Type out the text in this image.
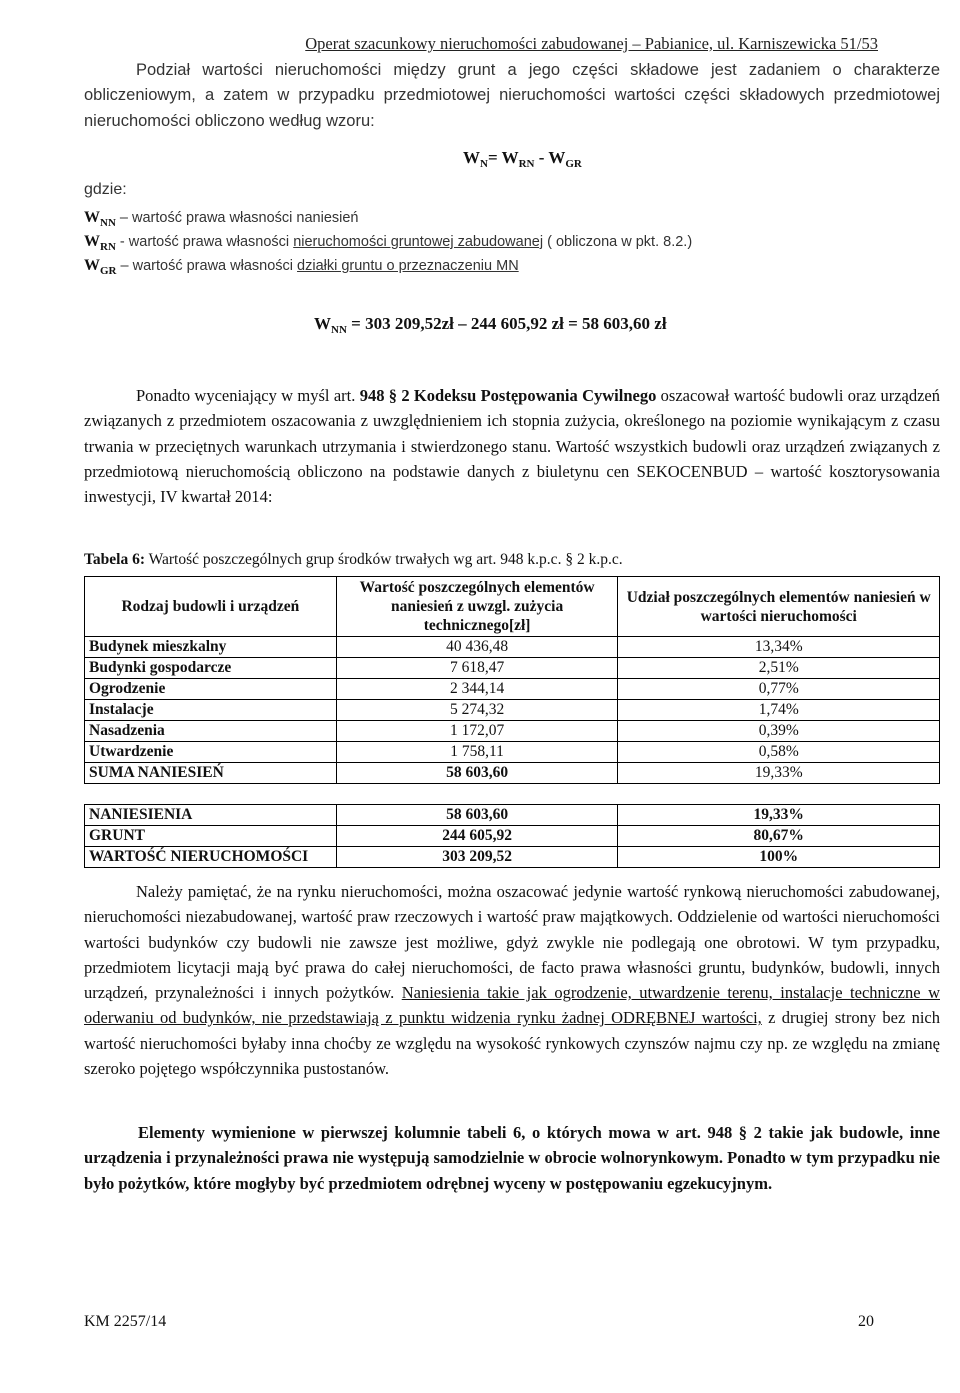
Operat szacunkowy nieruchomości zabudowanej – Pabianice, ul. Karniszewicka 51/53
Podział wartości nieruchomości między grunt a jego części składowe jest zadaniem o charakterze obliczeniowym, a zatem w przypadku przedmiotowej nieruchomości wartości części składowych przedmiotowej nieruchomości obliczono według wzoru:
$W_N= W_{RN} - W_{GR}$
gdzie:
$W_{NN}$ – wartość prawa własności naniesień
$W_{RN}$ - wartość prawa własności nieruchomości gruntowej zabudowanej ( obliczona w pkt. 8.2.)
$W_{GR}$ – wartość prawa własności działki gruntu o przeznaczeniu MN
$W_{NN} = 303$ 209,52zł – 244 605,92 zł = 58 603,60 zł
Ponadto wyceniający w myśl art. 948 § 2 Kodeksu Postępowania Cywilnego oszacował wartość budowli oraz urządzeń związanych z przedmiotem oszacowania z uwzględnieniem ich stopnia zużycia, określonego na poziomie wynikającym z czasu trwania w przeciętnych warunkach utrzymania i stwierdzonego stanu. Wartość wszystkich budowli oraz urządzeń związanych z przedmiotową nieruchomością obliczono na podstawie danych z biuletynu cen SEKOCENBUD – wartość kosztorysowania inwestycji, IV kwartał 2014:
Tabela 6: Wartość poszczególnych grup środków trwałych wg art. 948 k.p.c. § 2 k.p.c.
Rodzaj budowli i urządzeń	Wartość poszczególnych elementów naniesień z uwzgl. zużycia technicznego[zł]	Udział poszczególnych elementów naniesień w wartości nieruchomości
Budynek mieszkalny	40 436,48	13,34%
Budynki gospodarcze	7 618,47	2,51%
Ogrodzenie	2 344,14	0,77%
Instalacje	5 274,32	1,74%
Nasadzenia	1 172,07	0,39%
Utwardzenie	1 758,11	0,58%
SUMA NANIESIEŃ	58 603,60	19,33%

NANIESIENIA	58 603,60	19,33%
GRUNT	244 605,92	80,67%
WARTOŚĆ NIERUCHOMOŚCI	303 209,52	100%
Należy pamiętać, że na rynku nieruchomości, można oszacować jedynie wartość rynkową nieruchomości zabudowanej, nieruchomości niezabudowanej, wartość praw rzeczowych i wartość praw majątkowych. Oddzielenie od wartości nieruchomości wartości budynków czy budowli nie zawsze jest możliwe, gdyż zwykle nie podlegają one obrotowi. W tym przypadku, przedmiotem licytacji mają być prawa do całej nieruchomości, de facto prawa własności gruntu, budynków, budowli, innych urządzeń, przynależności i innych pożytków. Naniesienia takie jak ogrodzenie, utwardzenie terenu, instalacje techniczne w oderwaniu od budynków, nie przedstawiają z punktu widzenia rynku żadnej ODRĘBNEJ wartości, z drugiej strony bez nich wartość nieruchomości byłaby inna choćby ze względu na wysokość rynkowych czynszów najmu czy np. ze względu na zmianę szeroko pojętego współczynnika pustostanów.
Elementy wymienione w pierwszej kolumnie tabeli 6, o których mowa w art. 948 § 2 takie jak budowle, inne urządzenia i przynależności prawa nie występują samodzielnie w obrocie wolnorynkowym. Ponadto w tym przypadku nie było pożytków, które mogłyby być przedmiotem odrębnej wyceny w postępowaniu egzekucyjnym.
KM 2257/14	20
